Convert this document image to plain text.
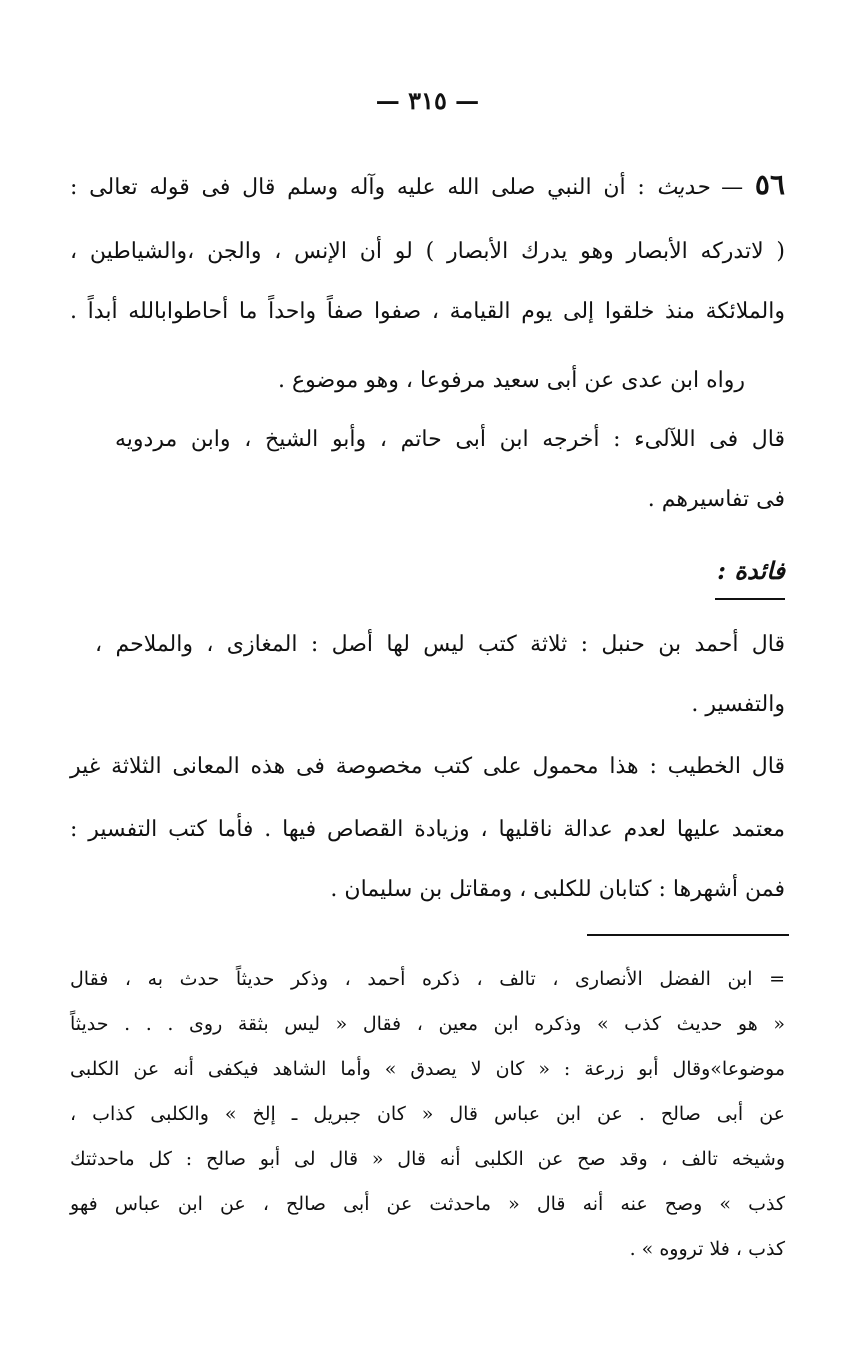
— ٣١٥ —
٥٦ — حديث : أن النبي صلى الله عليه وآله وسلم قال فى قوله تعالى :
( لاتدركه الأبصار وهو يدرك الأبصار ) لو أن الإنس ، والجن ،والشياطين ،
والملائكة منذ خلقوا إلى يوم القيامة ، صفوا صفاً واحداً ما أحاطوابالله أبداً .
رواه ابن عدى عن أبى سعيد مرفوعا ، وهو موضوع .
قال فى اللآلىء : أخرجه ابن أبى حاتم ، وأبو الشيخ ، وابن مردويه
فى تفاسيرهم .
فائدة :
قال أحمد بن حنبل : ثلاثة كتب ليس لها أصل : المغازى ، والملاحم ،
والتفسير .
قال الخطيب : هذا محمول على كتب مخصوصة فى هذه المعانى الثلاثة غير
معتمد عليها لعدم عدالة ناقليها ، وزيادة القصاص فيها . فأما كتب التفسير :
فمن أشهرها : كتابان للكلبى ، ومقاتل بن سليمان .
= ابن الفضل الأنصارى ، تالف ، ذكره أحمد ، وذكر حديثاً حدث به ، فقال
« هو حديث كذب » وذكره ابن معين ، فقال « ليس بثقة روى . . . حديثاً
موضوعا»وقال أبو زرعة : « كان لا يصدق » وأما الشاهد فيكفى أنه عن الكلبى
عن أبى صالح . عن ابن عباس قال « كان جبريل ـ إلخ » والكلبى كذاب ،
وشيخه تالف ، وقد صح عن الكلبى أنه قال « قال لى أبو صالح : كل ماحدثتك
كذب » وصح عنه أنه قال « ماحدثت عن أبى صالح ، عن ابن عباس فهو
كذب ، فلا ترووه » .
